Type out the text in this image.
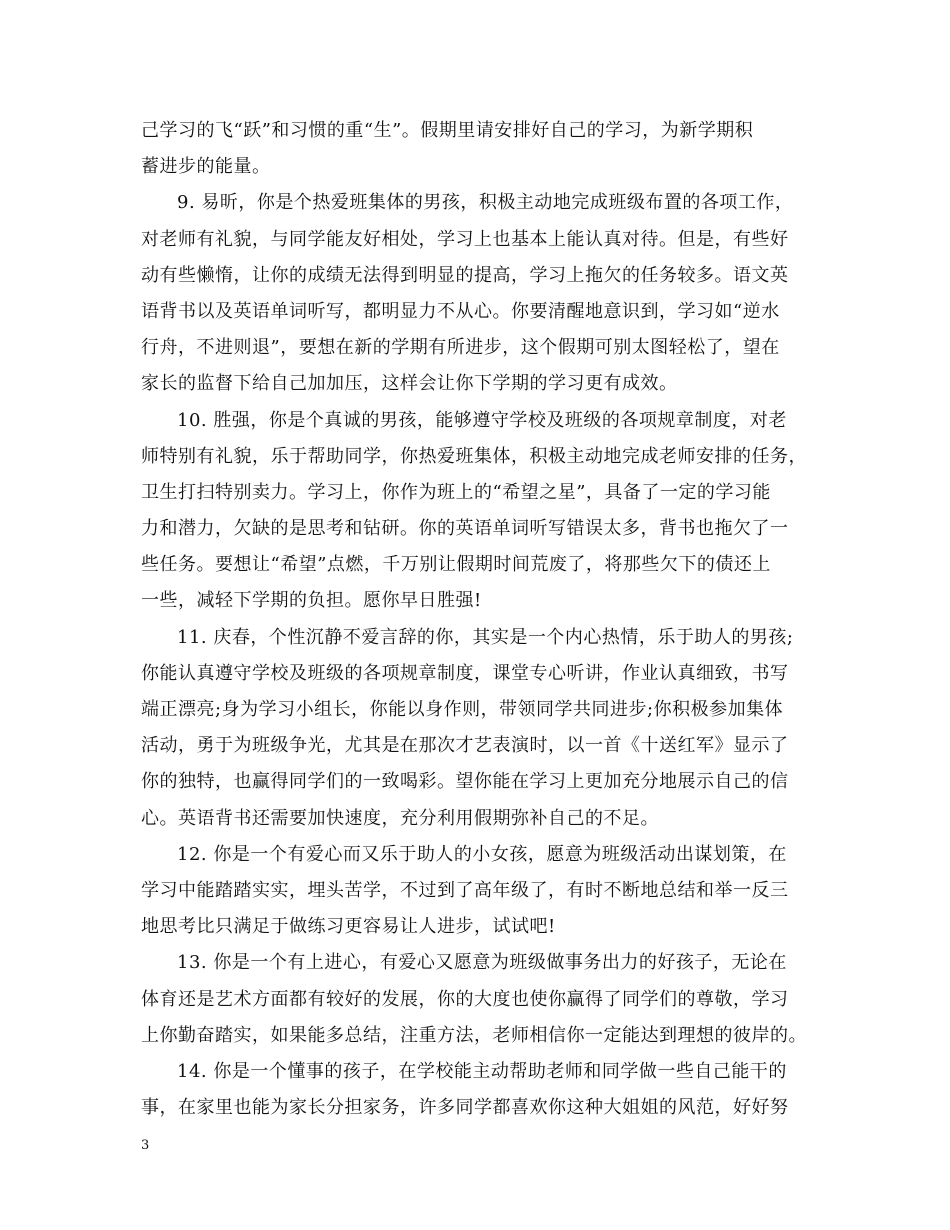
己学习的飞“跃”和习惯的重“生”。假期里请安排好自己的学习，为新学期积
蓄进步的能量。
9. 易昕，你是个热爱班集体的男孩，积极主动地完成班级布置的各项工作，
对老师有礼貌，与同学能友好相处，学习上也基本上能认真对待。但是，有些好
动有些懒惰，让你的成绩无法得到明显的提高，学习上拖欠的任务较多。语文英
语背书以及英语单词听写，都明显力不从心。你要清醒地意识到，学习如“逆水
行舟，不进则退”，要想在新的学期有所进步，这个假期可别太图轻松了，望在
家长的监督下给自己加加压，这样会让你下学期的学习更有成效。
10. 胜强，你是个真诚的男孩，能够遵守学校及班级的各项规章制度，对老
师特别有礼貌，乐于帮助同学，你热爱班集体，积极主动地完成老师安排的任务，
卫生打扫特别卖力。学习上，你作为班上的“希望之星”，具备了一定的学习能
力和潜力，欠缺的是思考和钻研。你的英语单词听写错误太多，背书也拖欠了一
些任务。要想让“希望”点燃，千万别让假期时间荒废了，将那些欠下的债还上
一些，减轻下学期的负担。愿你早日胜强!
11. 庆春，个性沉静不爱言辞的你，其实是一个内心热情，乐于助人的男孩;
你能认真遵守学校及班级的各项规章制度，课堂专心听讲，作业认真细致，书写
端正漂亮;身为学习小组长，你能以身作则，带领同学共同进步;你积极参加集体
活动，勇于为班级争光，尤其是在那次才艺表演时，以一首《十送红军》显示了
你的独特，也赢得同学们的一致喝彩。望你能在学习上更加充分地展示自己的信
心。英语背书还需要加快速度，充分利用假期弥补自己的不足。
12. 你是一个有爱心而又乐于助人的小女孩，愿意为班级活动出谋划策，在
学习中能踏踏实实，埋头苦学，不过到了高年级了，有时不断地总结和举一反三
地思考比只满足于做练习更容易让人进步，试试吧!
13. 你是一个有上进心，有爱心又愿意为班级做事务出力的好孩子，无论在
体育还是艺术方面都有较好的发展，你的大度也使你赢得了同学们的尊敬，学习
上你勤奋踏实，如果能多总结，注重方法，老师相信你一定能达到理想的彼岸的。
14. 你是一个懂事的孩子，在学校能主动帮助老师和同学做一些自己能干的
事，在家里也能为家长分担家务，许多同学都喜欢你这种大姐姐的风范，好好努
3
